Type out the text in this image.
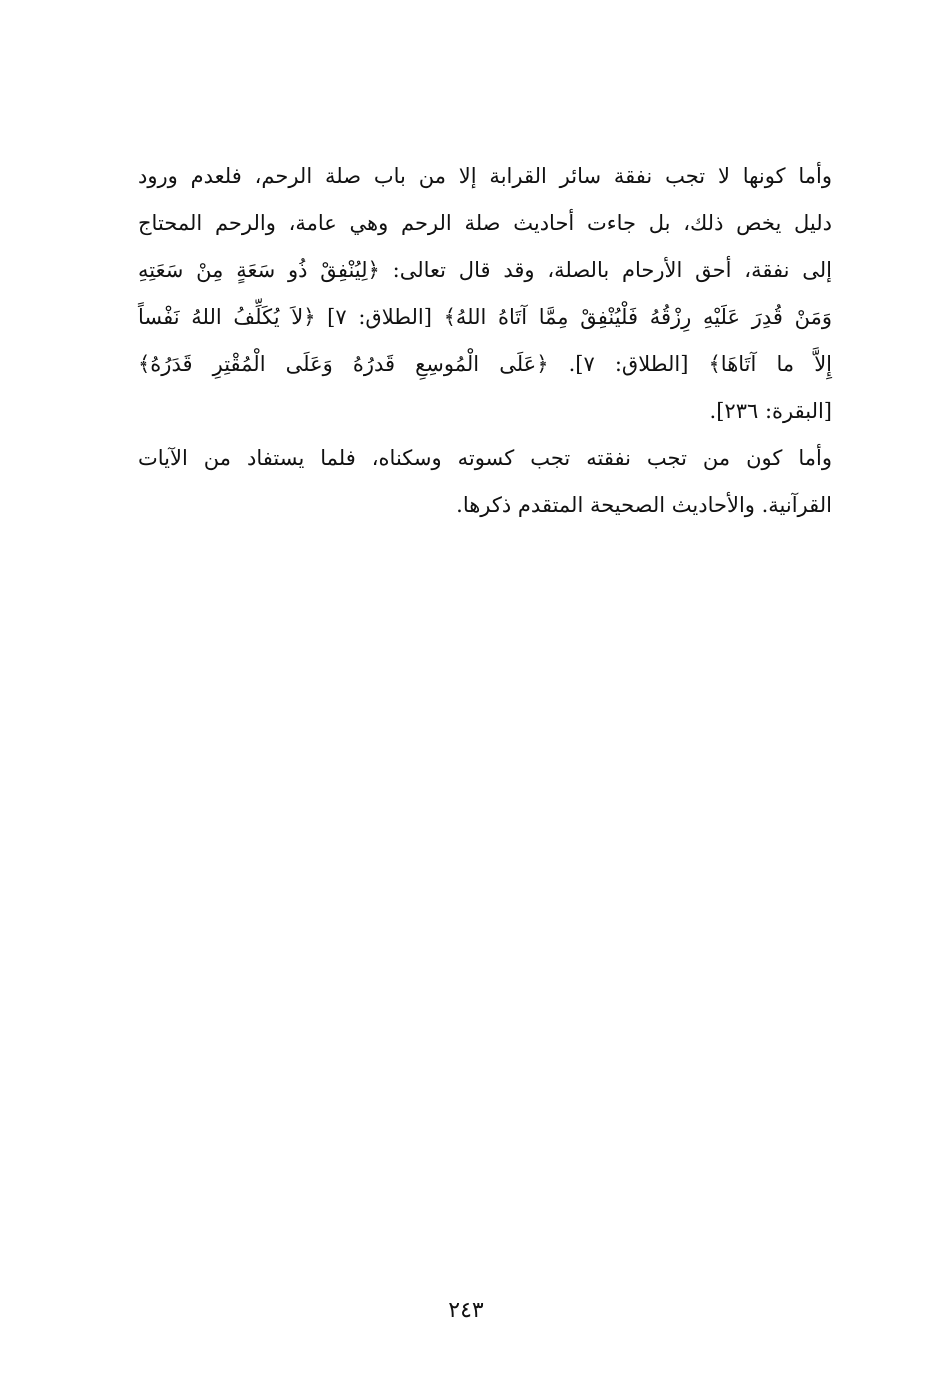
وأما كونها لا تجب نفقة سائر القرابة إلا من باب صلة الرحم، فلعدم ورود
دليل يخص ذلك، بل جاءت أحاديث صلة الرحم وهي عامة، والرحم المحتاج
إلى نفقة، أحق الأرحام بالصلة، وقد قال تعالى: ﴿لِيُنْفِقْ ذُو سَعَةٍ مِنْ سَعَتِهِ
وَمَنْ قُدِرَ عَلَيْهِ رِزْقُهُ فَلْيُنْفِقْ مِمَّا آتَاهُ اللهُ﴾ [الطلاق: ٧] ﴿لاَ يُكَلِّفُ اللهُ نَفْساً
إِلاَّ ما آتَاهَا﴾ [الطلاق: ٧]. ﴿عَلَى الْمُوسِعِ قَدرُهُ وَعَلَى الْمُقْتِرِ قَدَرُهُ﴾
[البقرة: ٢٣٦].
وأما كون من تجب نفقته تجب كسوته وسكناه، فلما يستفاد من الآيات
القرآنية. والأحاديث الصحيحة المتقدم ذكرها.
٢٤٣
